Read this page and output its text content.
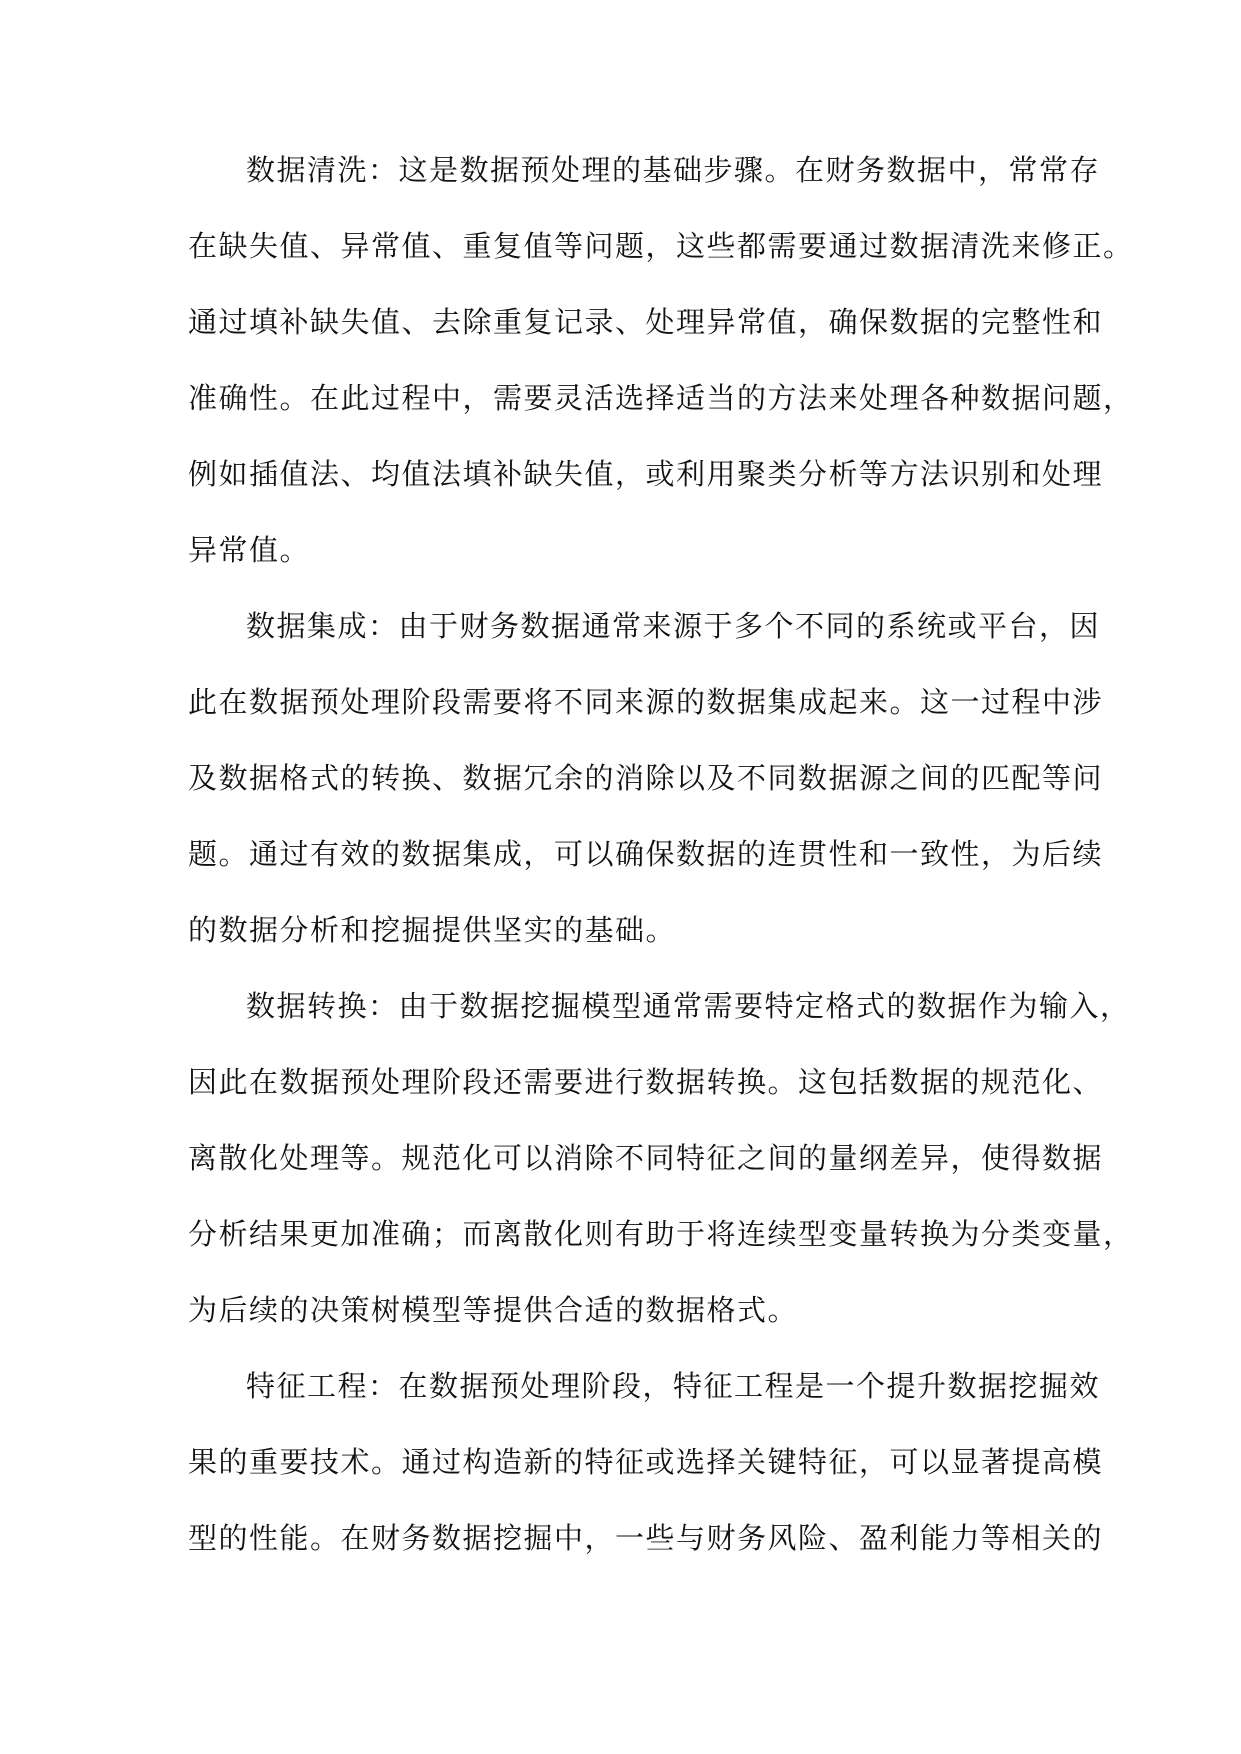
数据清洗：这是数据预处理的基础步骤。在财务数据中，常常存
在缺失值、异常值、重复值等问题，这些都需要通过数据清洗来修正。
通过填补缺失值、去除重复记录、处理异常值，确保数据的完整性和
准确性。在此过程中，需要灵活选择适当的方法来处理各种数据问题，
例如插值法、均值法填补缺失值，或利用聚类分析等方法识别和处理
异常值。
数据集成：由于财务数据通常来源于多个不同的系统或平台，因
此在数据预处理阶段需要将不同来源的数据集成起来。这一过程中涉
及数据格式的转换、数据冗余的消除以及不同数据源之间的匹配等问
题。通过有效的数据集成，可以确保数据的连贯性和一致性，为后续
的数据分析和挖掘提供坚实的基础。
数据转换：由于数据挖掘模型通常需要特定格式的数据作为输入，
因此在数据预处理阶段还需要进行数据转换。这包括数据的规范化、
离散化处理等。规范化可以消除不同特征之间的量纲差异，使得数据
分析结果更加准确；而离散化则有助于将连续型变量转换为分类变量，
为后续的决策树模型等提供合适的数据格式。
特征工程：在数据预处理阶段，特征工程是一个提升数据挖掘效
果的重要技术。通过构造新的特征或选择关键特征，可以显著提高模
型的性能。在财务数据挖掘中，一些与财务风险、盈利能力等相关的
